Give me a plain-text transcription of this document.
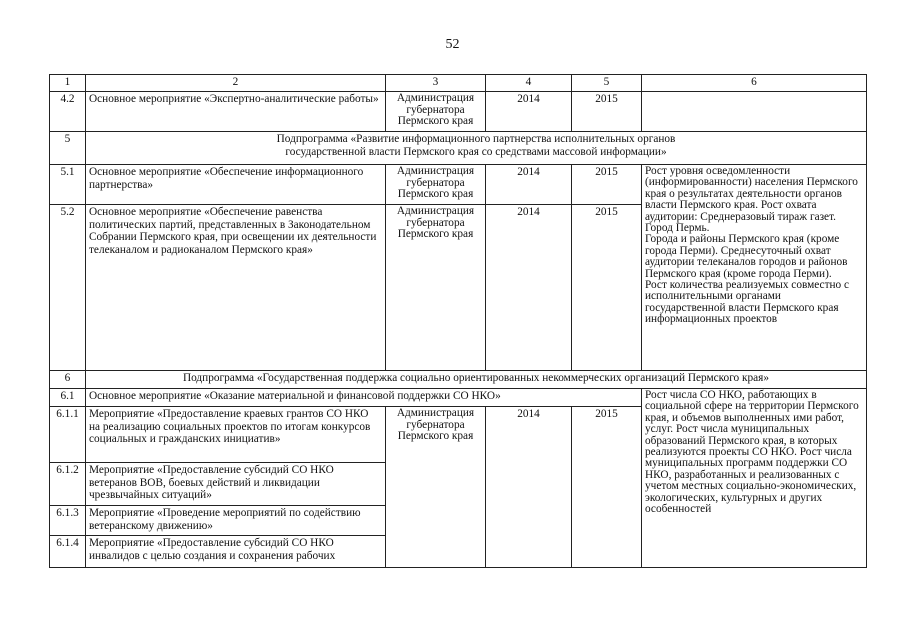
52
1	2	3	4	5	6
4.2	Основное мероприятие «Экспертно-аналитические работы»	Администрация губернатора Пермского края	2014	2015	
5	Подпрограмма «Развитие информационного партнерства исполнительных органов
государственной власти Пермского края со средствами массовой информации»				

5.1	Основное мероприятие «Обеспечение информационного партнерства»	Администрация губернатора Пермского края	2014	2015	Рост уровня осведомленности (информированности) населения Пермского края о результатах деятельности органов власти Пермского края. Рост охвата аудитории: Среднеразовый тираж газет.

Город Пермь.

Города и районы Пермского края (кроме города Перми). Среднесуточный охват аудитории телеканалов городов и районов Пермского края (кроме города Перми).

Рост количества реализуемых совместно с исполнительными органами государственной власти Пермского края информационных проектов

5.2	Основное мероприятие «Обеспечение равенства политических партий, представленных в Законодательном Собрании Пермского края, при освещении их деятельности телеканалом и радиоканалом Пермского края»	Администрация губернатора Пермского края	2014	2015	
6	Подпрограмма «Государственная поддержка социально ориентированных некоммерческих организаций Пермского края»				
6.1	Основное мероприятие «Оказание материальной и финансовой поддержки СО НКО»				Рост числа СО НКО, работающих в социальной сфере на территории Пермского края, и объемов выполненных ими работ, услуг. Рост числа муниципальных образований Пермского края, в которых реализуются проекты СО НКО. Рост числа муниципальных программ поддержки СО НКО, разработанных и реализованных с учетом местных социально-экономических, экологических, культурных и других особенностей
6.1.1	Мероприятие «Предоставление краевых грантов СО НКО на реализацию социальных проектов по итогам конкурсов социальных и гражданских инициатив»	Администрация губернатора Пермского края	2014	2015	
6.1.2	Мероприятие «Предоставление субсидий СО НКО ветеранов ВОВ, боевых действий и ликвидации чрезвычайных ситуаций»				
6.1.3	Мероприятие «Проведение мероприятий по содействию ветеранскому движению»				
6.1.4	Мероприятие «Предоставление субсидий СО НКО инвалидов с целью создания и сохранения рабочих				
